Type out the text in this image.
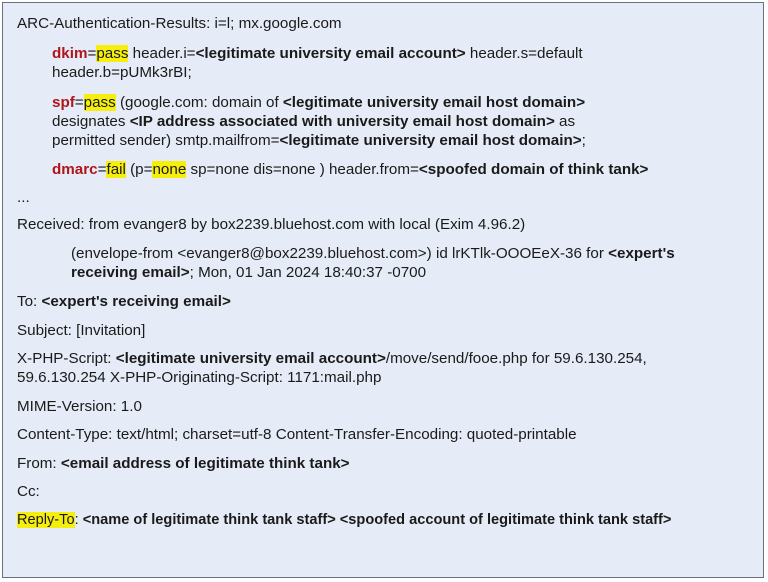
ARC-Authentication-Results: i=l; mx.google.com
dkim=pass header.i=<legitimate university email account> header.s=default
header.b=pUMk3rBI;
spf=pass (google.com: domain of <legitimate university email host domain>
designates <IP address associated with university email host domain> as
permitted sender) smtp.mailfrom=<legitimate university email host domain>;
dmarc=fail (p=none sp=none dis=none ) header.from=<spoofed domain of think tank>
...
Received: from evanger8 by box2239.bluehost.com with local (Exim 4.96.2)
(envelope-from <evanger8@box2239.bluehost.com>) id lrKTlk-OOOEeX-36 for <expert's
receiving email>; Mon, 01 Jan 2024 18:40:37 -0700
To: <expert's receiving email>
Subject: [Invitation]
X-PHP-Script: <legitimate university email account>/move/send/fooe.php for 59.6.130.254,
59.6.130.254 X-PHP-Originating-Script: 1171:mail.php
MIME-Version: 1.0
Content-Type: text/html; charset=utf-8 Content-Transfer-Encoding: quoted-printable
From: <email address of legitimate think tank>
Cc:
Reply-To: <name of legitimate think tank staff> <spoofed account of legitimate think tank staff>
